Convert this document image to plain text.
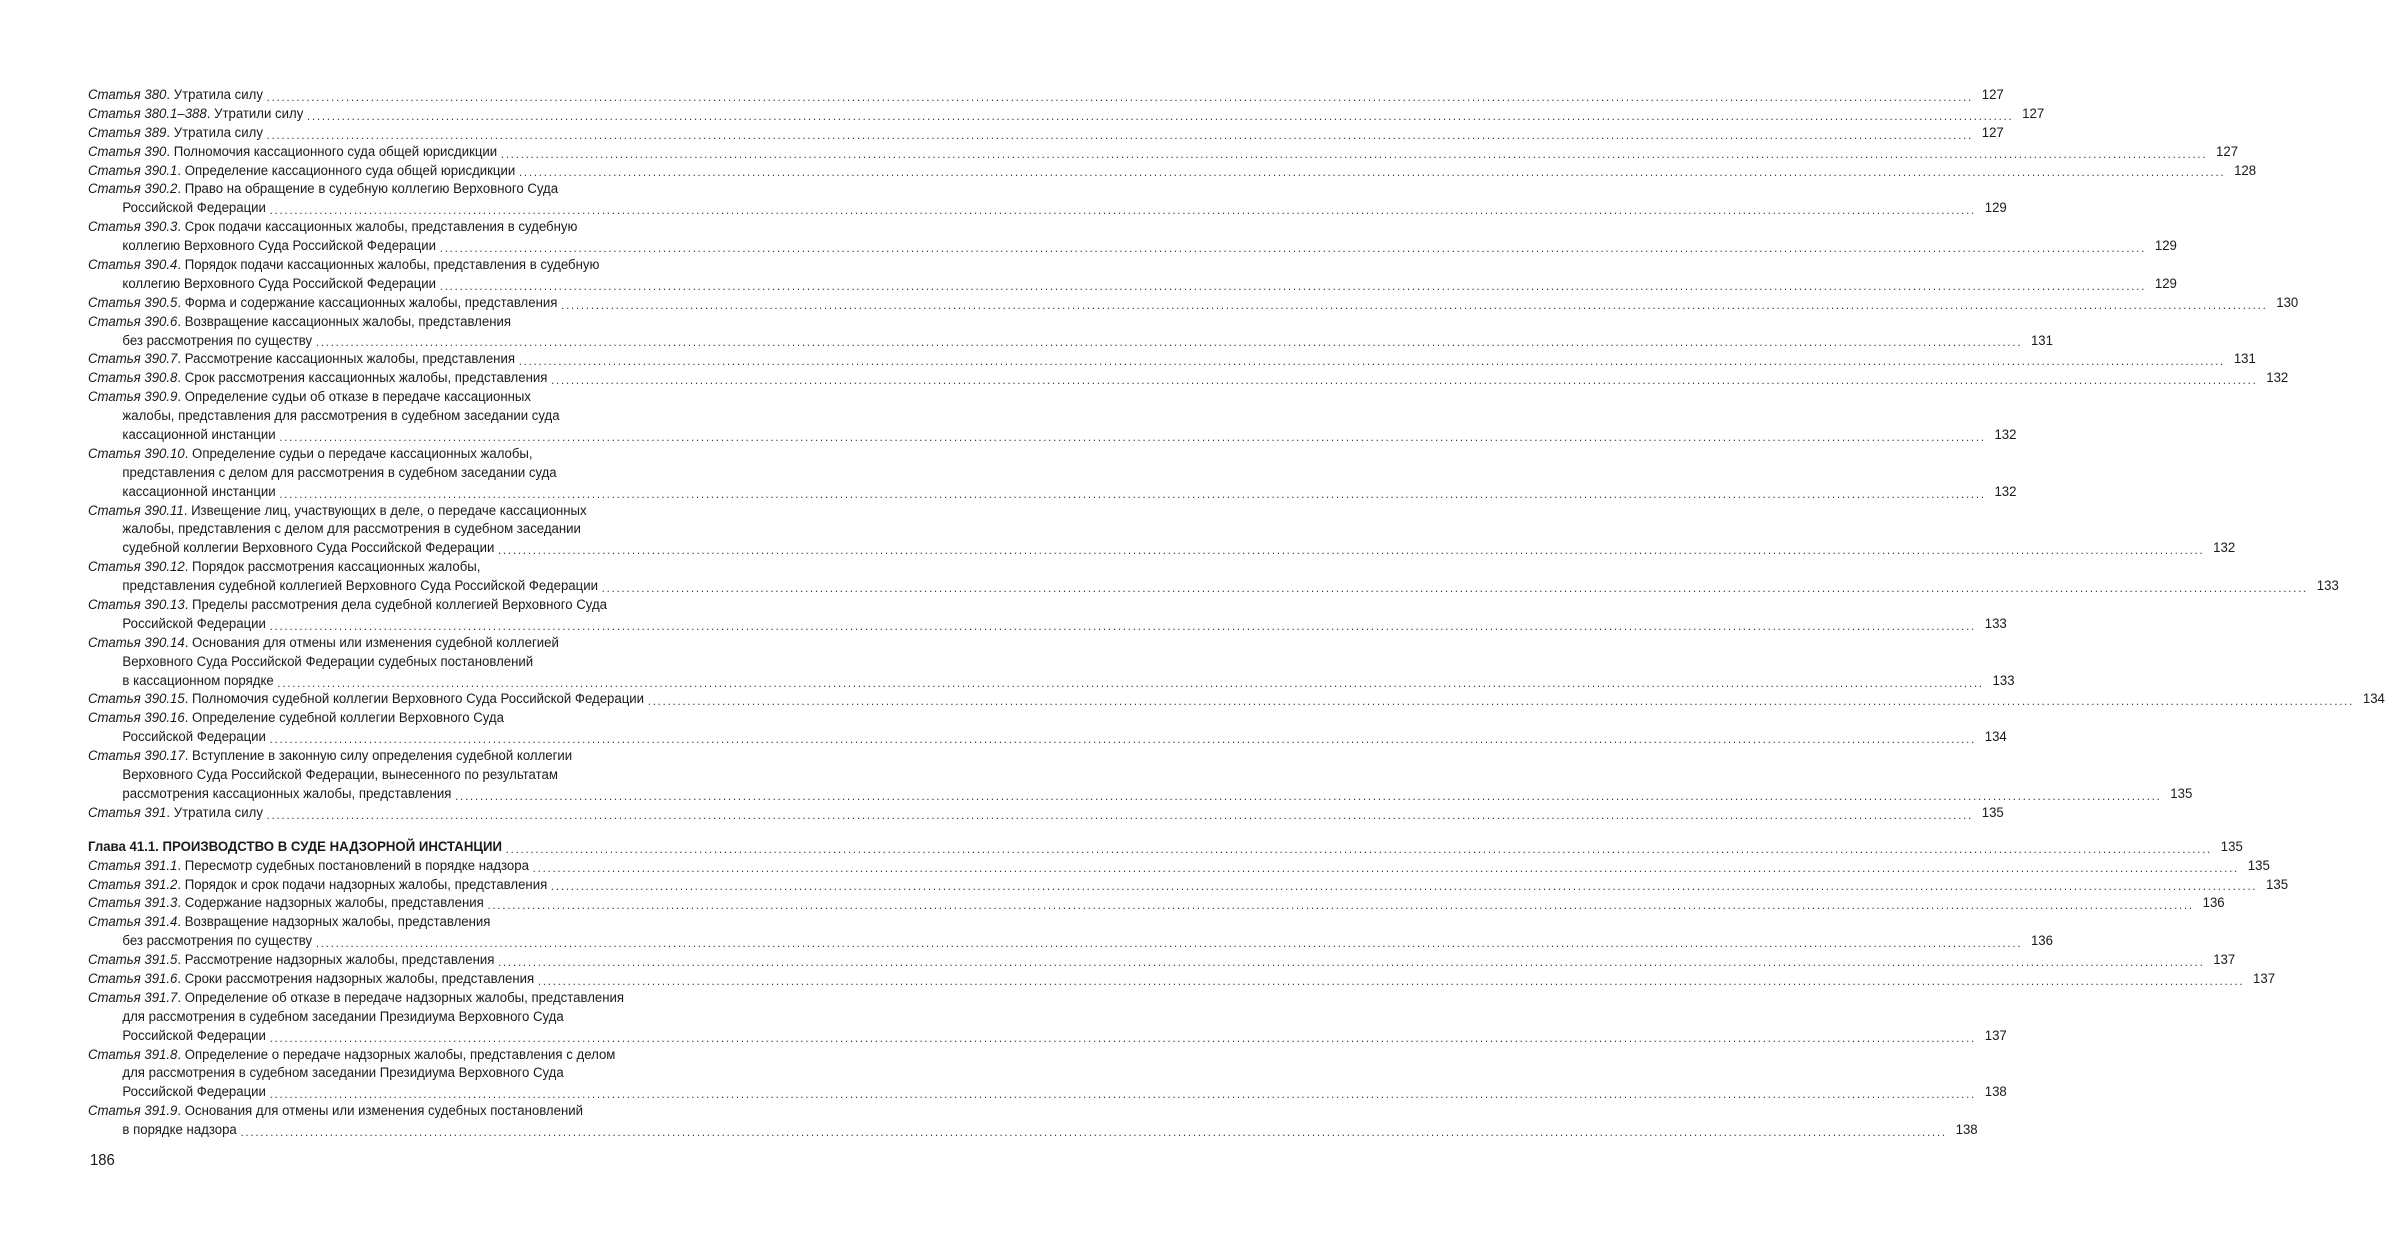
Статья 380. Утратила силу .....	127
Статья 380.1–388. Утратили силу .....	127
Статья 389. Утратила силу .....	127
Статья 390. Полномочия кассационного суда общей юрисдикции .....	127
Статья 390.1. Определение кассационного суда общей юрисдикции .....	128
Статья 390.2. Право на обращение в судебную коллегию Верховного Суда
Российской Федерации .....	129
Статья 390.3. Срок подачи кассационных жалобы, представления в судебную
коллегию Верховного Суда Российской Федерации .....	129
Статья 390.4. Порядок подачи кассационных жалобы, представления в судебную
коллегию Верховного Суда Российской Федерации .....	129
Статья 390.5. Форма и содержание кассационных жалобы, представления .....	130
Статья 390.6. Возвращение кассационных жалобы, представления
без рассмотрения по существу .....	131
Статья 390.7. Рассмотрение кассационных жалобы, представления .....	131
Статья 390.8. Срок рассмотрения кассационных жалобы, представления .....	132
Статья 390.9. Определение судьи об отказе в передаче кассационных
жалобы, представления для рассмотрения в судебном заседании суда
кассационной инстанции .....	132
Статья 390.10. Определение судьи о передаче кассационных жалобы,
представления с делом для рассмотрения в судебном заседании суда
кассационной инстанции .....	132
Статья 390.11. Извещение лиц, участвующих в деле, о передаче кассационных
жалобы, представления с делом для рассмотрения в судебном заседании
судебной коллегии Верховного Суда Российской Федерации .....	132
Статья 390.12. Порядок рассмотрения кассационных жалобы,
представления судебной коллегией Верховного Суда Российской Федерации .....	133
Статья 390.13. Пределы рассмотрения дела судебной коллегией Верховного Суда
Российской Федерации .....	133
Статья 390.14. Основания для отмены или изменения судебной коллегией
Верховного Суда Российской Федерации судебных постановлений
в кассационном порядке .....	133
Статья 390.15. Полномочия судебной коллегии Верховного Суда Российской Федерации .....	134
Статья 390.16. Определение судебной коллегии Верховного Суда
Российской Федерации .....	134
Статья 390.17. Вступление в законную силу определения судебной коллегии
Верховного Суда Российской Федерации, вынесенного по результатам
рассмотрения кассационных жалобы, представления .....	135
Статья 391. Утратила силу .....	135
Глава 41.1. ПРОИЗВОДСТВО В СУДЕ НАДЗОРНОЙ ИНСТАНЦИИ .....	135
Статья 391.1. Пересмотр судебных постановлений в порядке надзора .....	135
Статья 391.2. Порядок и срок подачи надзорных жалобы, представления .....	135
Статья 391.3. Содержание надзорных жалобы, представления .....	136
Статья 391.4. Возвращение надзорных жалобы, представления
без рассмотрения по существу .....	136
Статья 391.5. Рассмотрение надзорных жалобы, представления .....	137
Статья 391.6. Сроки рассмотрения надзорных жалобы, представления .....	137
Статья 391.7. Определение об отказе в передаче надзорных жалобы, представления
для рассмотрения в судебном заседании Президиума Верховного Суда
Российской Федерации .....	137
Статья 391.8. Определение о передаче надзорных жалобы, представления с делом
для рассмотрения в судебном заседании Президиума Верховного Суда
Российской Федерации .....	138
Статья 391.9. Основания для отмены или изменения судебных постановлений
в порядке надзора .....	138
186
